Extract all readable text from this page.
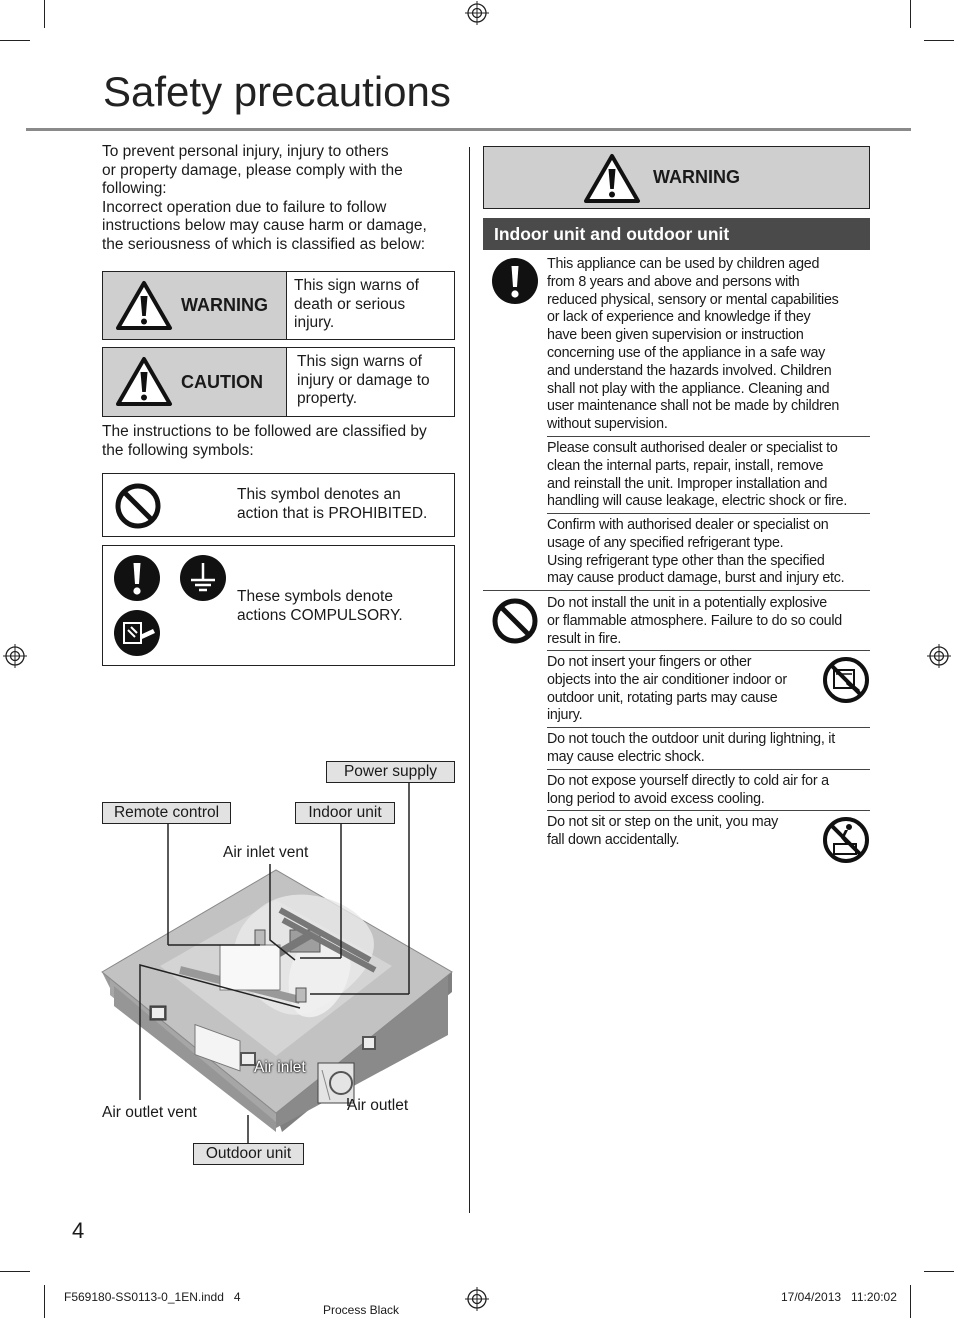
Safety precautions
To prevent personal injury, injury to others
or property damage, please comply with the
following:
Incorrect operation due to failure to follow
instructions below may cause harm or damage,
the seriousness of which is classified as below:
WARNING
This sign warns of
death or serious
injury.
CAUTION
This sign warns of
injury or damage to
property.
The instructions to be followed are classified by
the following symbols:
This symbol denotes an
action that is PROHIBITED.
These symbols denote
actions COMPULSORY.
Power supply
Remote control	Indoor unit
Air inlet vent
Air inlet
Air outlet
Air outlet vent
Outdoor unit
WARNING
Indoor unit and outdoor unit
This appliance can be used by children aged
from 8 years and above and persons with
reduced physical, sensory or mental capabilities
or lack of experience and knowledge if they
have been given supervision or instruction
concerning use of the appliance in a safe way
and understand the hazards involved. Children
shall not play with the appliance. Cleaning and
user maintenance shall not be made by children
without supervision.
Please consult authorised dealer or specialist to
clean the internal parts, repair, install, remove
and reinstall the unit. Improper installation and
handling will cause leakage, electric shock or fire.
Confirm with authorised dealer or specialist on
usage of any specified refrigerant type.
Using refrigerant type other than the specified
may cause product damage, burst and injury etc.
Do not install the unit in a potentially explosive
or flammable atmosphere. Failure to do so could
result in fire.
Do not insert your fingers or other
objects into the air conditioner indoor or
outdoor unit, rotating parts may cause
injury.
Do not touch the outdoor unit during lightning, it
may cause electric shock.
Do not expose yourself directly to cold air for a
long period to avoid excess cooling.
Do not sit or step on the unit, you may
fall down accidentally.
4
F569180-SS0113-0_1EN.indd   4
Process Black
17/04/2013   11:20:02
